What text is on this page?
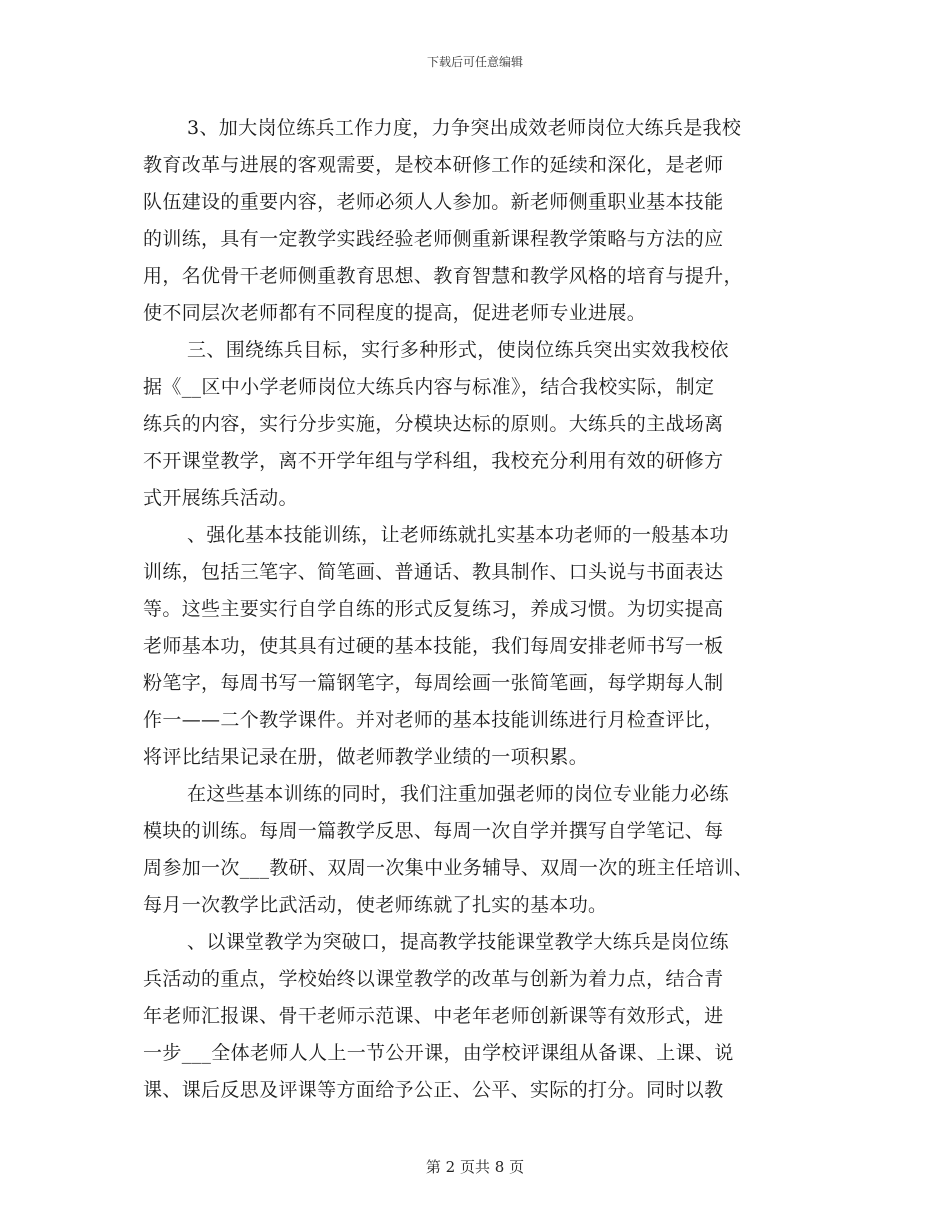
下载后可任意编辑
3、加大岗位练兵工作力度，力争突出成效老师岗位大练兵是我校
教育改革与进展的客观需要，是校本研修工作的延续和深化，是老师
队伍建设的重要内容，老师必须人人参加。新老师侧重职业基本技能
的训练，具有一定教学实践经验老师侧重新课程教学策略与方法的应
用，名优骨干老师侧重教育思想、教育智慧和教学风格的培育与提升，
使不同层次老师都有不同程度的提高，促进老师专业进展。
三、围绕练兵目标，实行多种形式，使岗位练兵突出实效我校依
据《__区中小学老师岗位大练兵内容与标准》，结合我校实际，制定
练兵的内容，实行分步实施，分模块达标的原则。大练兵的主战场离
不开课堂教学，离不开学年组与学科组，我校充分利用有效的研修方
式开展练兵活动。
、强化基本技能训练，让老师练就扎实基本功老师的一般基本功
训练，包括三笔字、简笔画、普通话、教具制作、口头说与书面表达
等。这些主要实行自学自练的形式反复练习，养成习惯。为切实提高
老师基本功，使其具有过硬的基本技能，我们每周安排老师书写一板
粉笔字，每周书写一篇钢笔字，每周绘画一张简笔画，每学期每人制
作一——二个教学课件。并对老师的基本技能训练进行月检查评比，
将评比结果记录在册，做老师教学业绩的一项积累。
在这些基本训练的同时，我们注重加强老师的岗位专业能力必练
模块的训练。每周一篇教学反思、每周一次自学并撰写自学笔记、每
周参加一次___教研、双周一次集中业务辅导、双周一次的班主任培训、
每月一次教学比武活动，使老师练就了扎实的基本功。
、以课堂教学为突破口，提高教学技能课堂教学大练兵是岗位练
兵活动的重点，学校始终以课堂教学的改革与创新为着力点，结合青
年老师汇报课、骨干老师示范课、中老年老师创新课等有效形式，进
一步___全体老师人人上一节公开课，由学校评课组从备课、上课、说
课、课后反思及评课等方面给予公正、公平、实际的打分。同时以教
第 2 页共 8 页
